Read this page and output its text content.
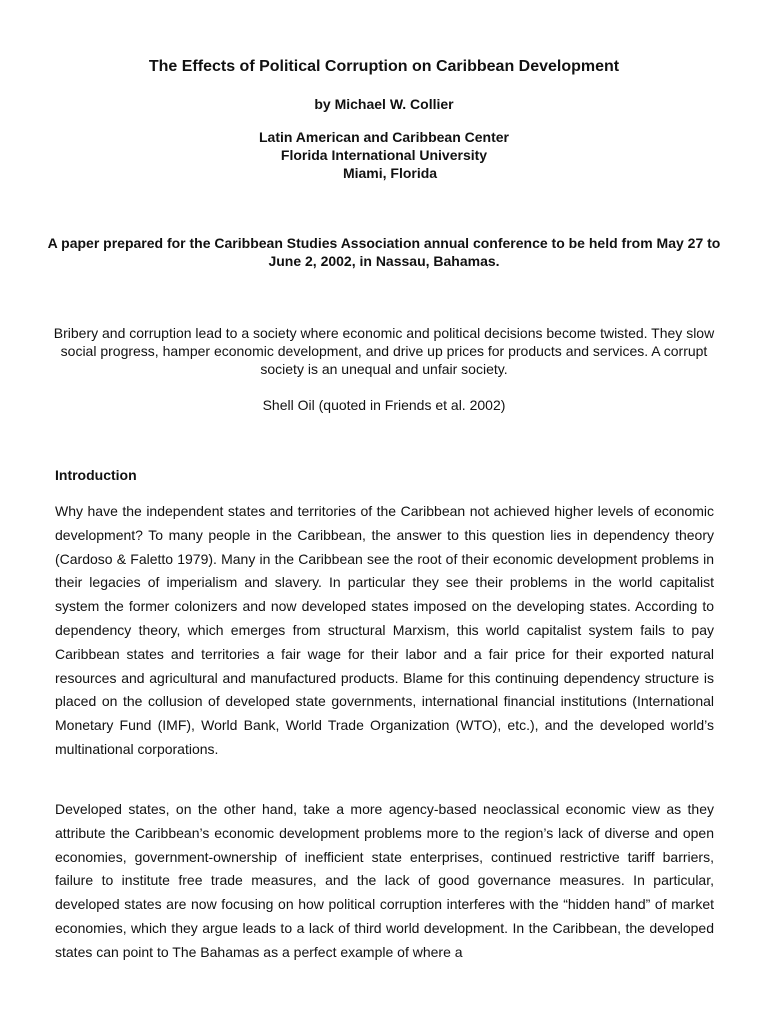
The Effects of Political Corruption on Caribbean Development
by Michael W. Collier
Latin American and Caribbean Center
Florida International University
Miami, Florida
A paper prepared for the Caribbean Studies Association annual conference to be held from May 27 to June 2, 2002, in Nassau, Bahamas.
Bribery and corruption lead to a society where economic and political decisions become twisted. They slow social progress, hamper economic development, and drive up prices for products and services. A corrupt society is an unequal and unfair society.
Shell Oil (quoted in Friends et al. 2002)
Introduction

Why have the independent states and territories of the Caribbean not achieved higher levels of economic development? To many people in the Caribbean, the answer to this question lies in dependency theory (Cardoso & Faletto 1979). Many in the Caribbean see the root of their economic development problems in their legacies of imperialism and slavery. In particular they see their problems in the world capitalist system the former colonizers and now developed states imposed on the developing states. According to dependency theory, which emerges from structural Marxism, this world capitalist system fails to pay Caribbean states and territories a fair wage for their labor and a fair price for their exported natural resources and agricultural and manufactured products. Blame for this continuing dependency structure is placed on the collusion of developed state governments, international financial institutions (International Monetary Fund (IMF), World Bank, World Trade Organization (WTO), etc.), and the developed world’s multinational corporations.

Developed states, on the other hand, take a more agency-based neoclassical economic view as they attribute the Caribbean’s economic development problems more to the region’s lack of diverse and open economies, government-ownership of inefficient state enterprises, continued restrictive tariff barriers, failure to institute free trade measures, and the lack of good governance measures. In particular, developed states are now focusing on how political corruption interferes with the “hidden hand” of market economies, which they argue leads to a lack of third world development. In the Caribbean, the developed states can point to The Bahamas as a perfect example of where a
